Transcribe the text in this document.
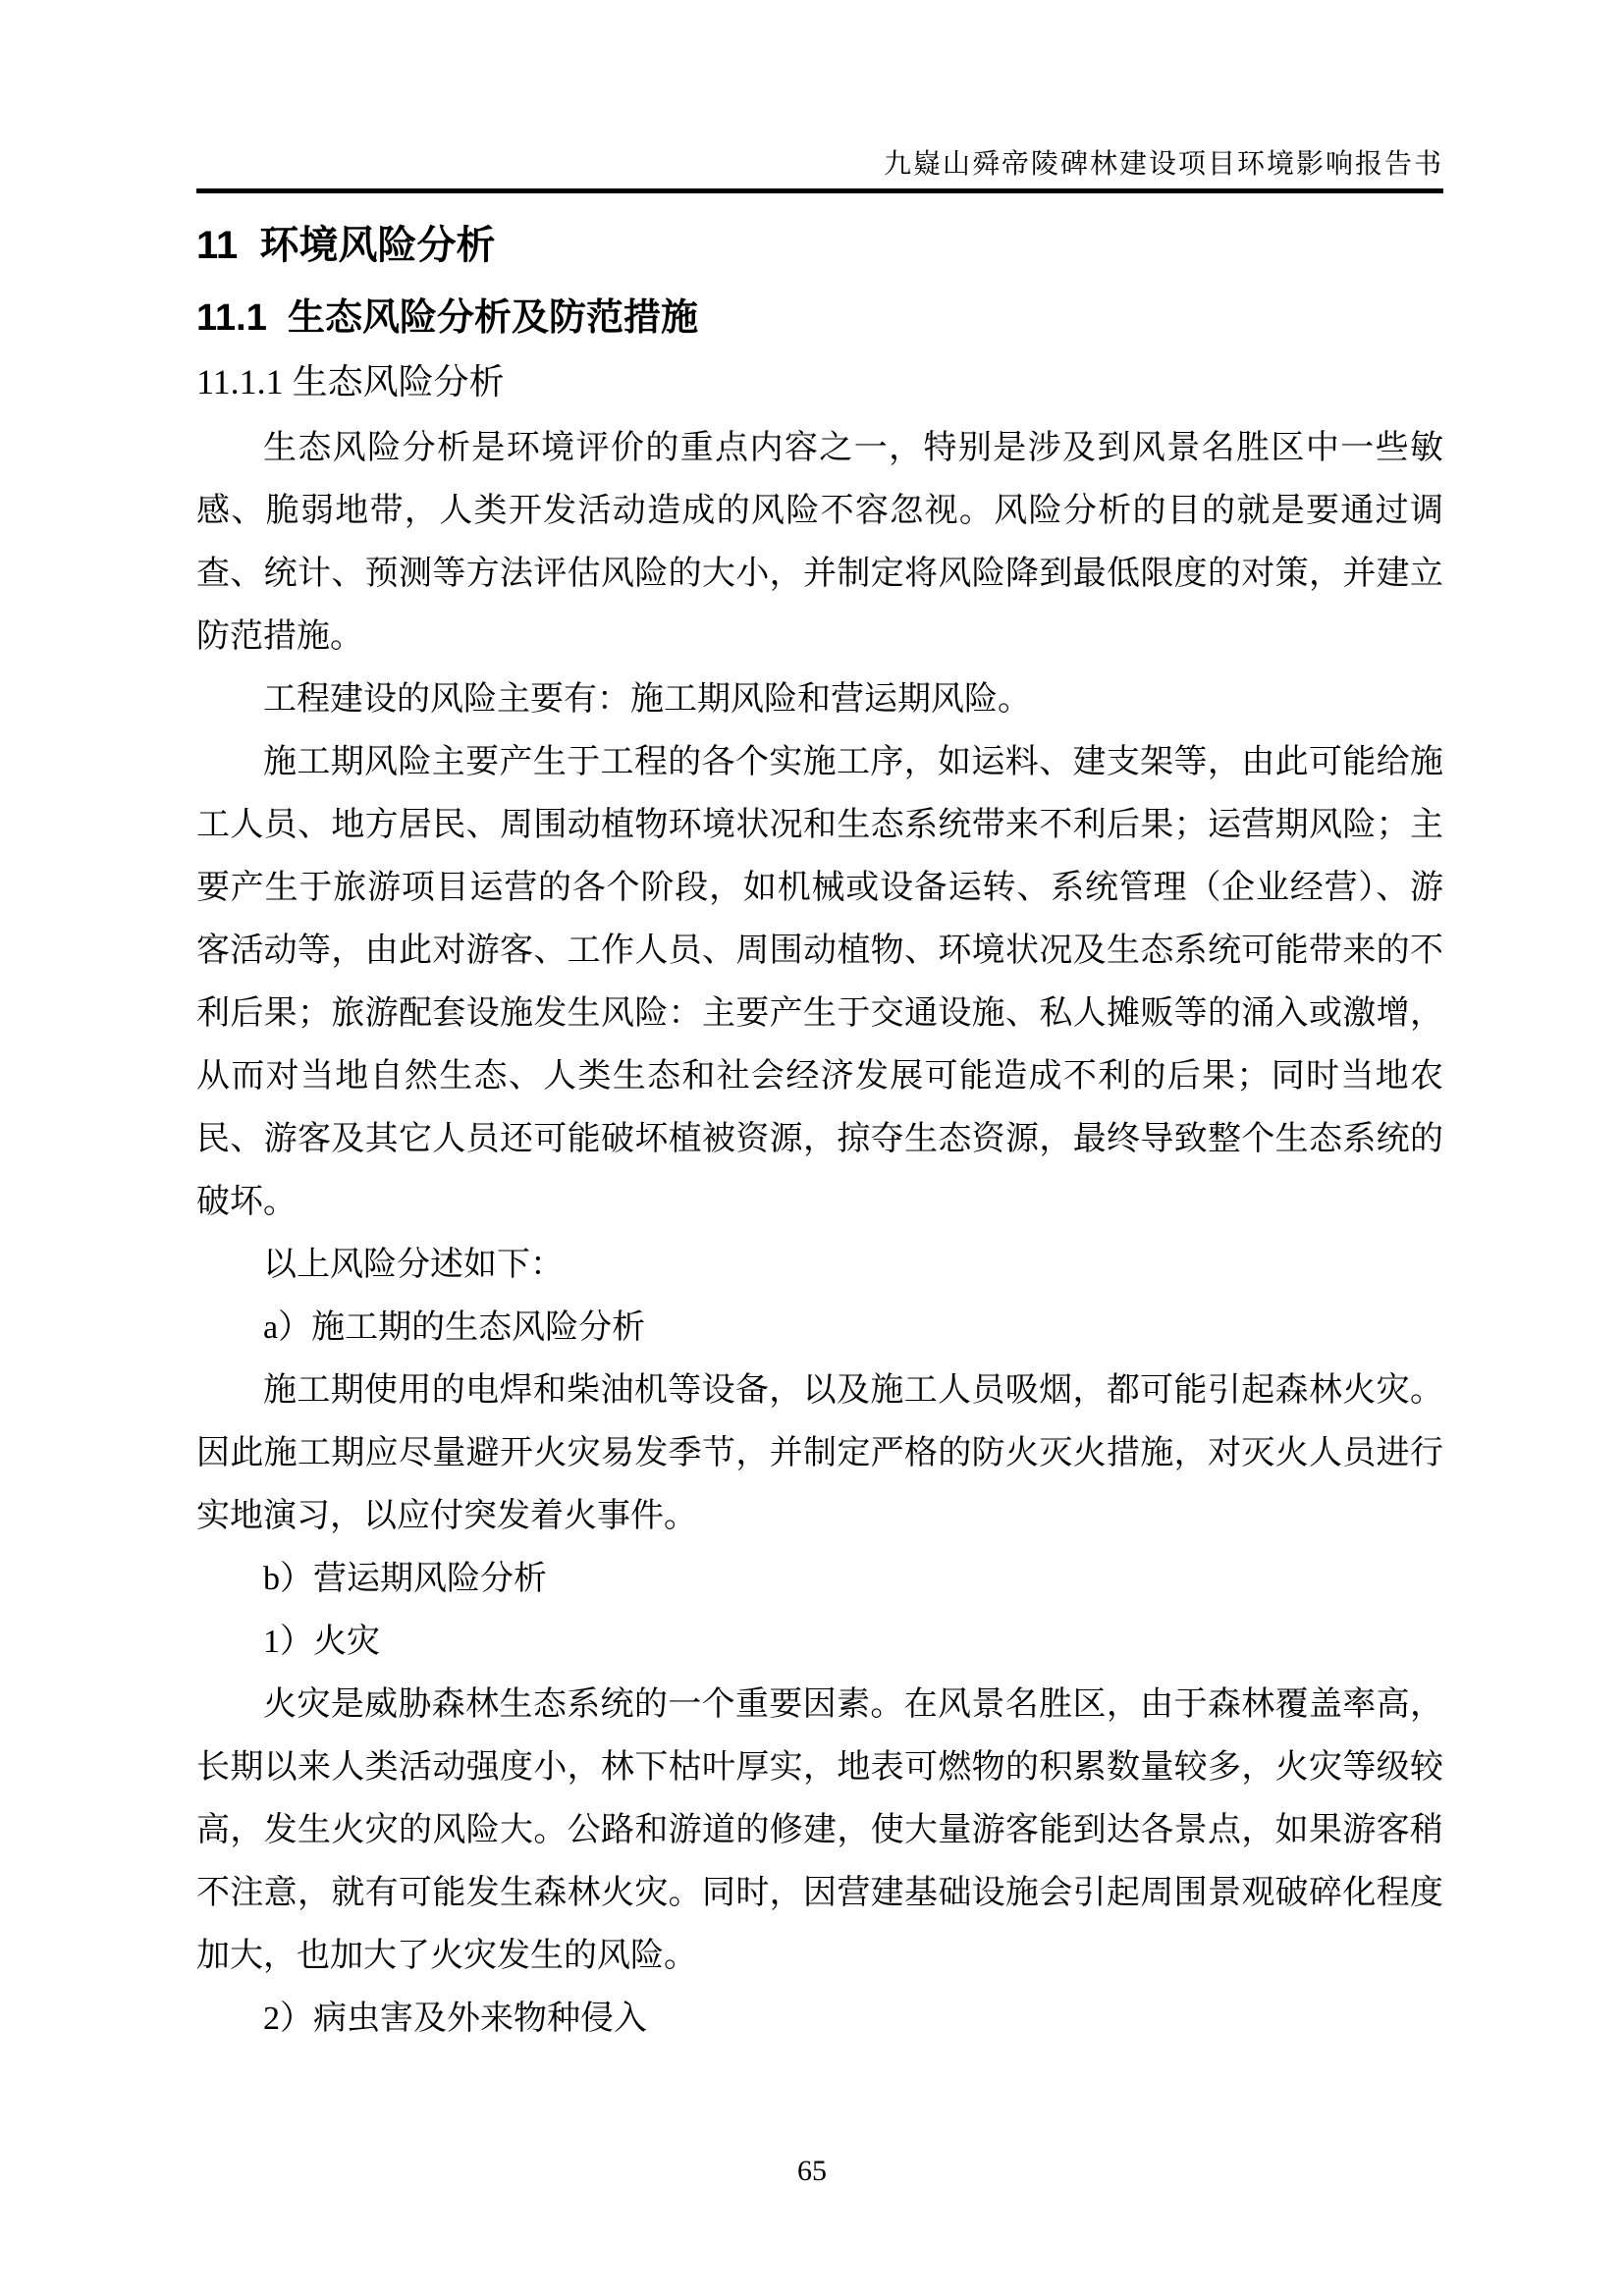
九嶷山舜帝陵碑林建设项目环境影响报告书
11  环境风险分析
11.1  生态风险分析及防范措施
11.1.1 生态风险分析

生态风险分析是环境评价的重点内容之一，特别是涉及到风景名胜区中一些敏感、脆弱地带，人类开发活动造成的风险不容忽视。风险分析的目的就是要通过调查、统计、预测等方法评估风险的大小，并制定将风险降到最低限度的对策，并建立防范措施。

工程建设的风险主要有：施工期风险和营运期风险。

施工期风险主要产生于工程的各个实施工序，如运料、建支架等，由此可能给施工人员、地方居民、周围动植物环境状况和生态系统带来不利后果；运营期风险；主要产生于旅游项目运营的各个阶段，如机械或设备运转、系统管理（企业经营）、游客活动等，由此对游客、工作人员、周围动植物、环境状况及生态系统可能带来的不利后果；旅游配套设施发生风险：主要产生于交通设施、私人摊贩等的涌入或激增，从而对当地自然生态、人类生态和社会经济发展可能造成不利的后果；同时当地农民、游客及其它人员还可能破坏植被资源，掠夺生态资源，最终导致整个生态系统的破坏。

以上风险分述如下：

a）施工期的生态风险分析

施工期使用的电焊和柴油机等设备，以及施工人员吸烟，都可能引起森林火灾。因此施工期应尽量避开火灾易发季节，并制定严格的防火灭火措施，对灭火人员进行实地演习，以应付突发着火事件。

b）营运期风险分析

1）火灾

火灾是威胁森林生态系统的一个重要因素。在风景名胜区，由于森林覆盖率高，长期以来人类活动强度小，林下枯叶厚实，地表可燃物的积累数量较多，火灾等级较高，发生火灾的风险大。公路和游道的修建，使大量游客能到达各景点，如果游客稍不注意，就有可能发生森林火灾。同时，因营建基础设施会引起周围景观破碎化程度加大，也加大了火灾发生的风险。

2）病虫害及外来物种侵入

65
